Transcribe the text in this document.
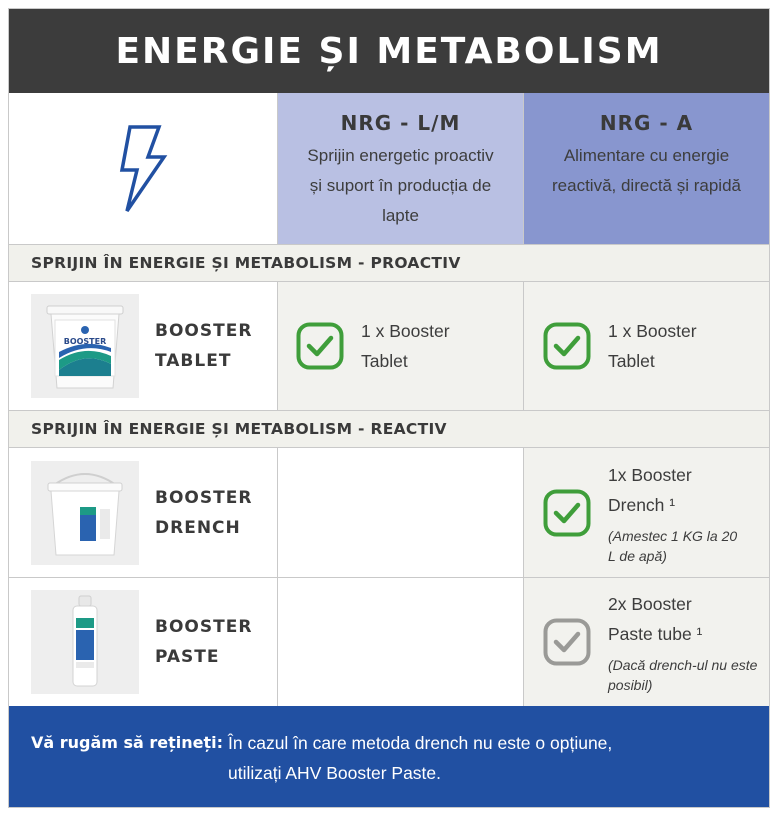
ENERGIE ȘI METABOLISM
NRG - L/M
Sprijin energetic proactiv și suport în producția de lapte
NRG - A
Alimentare cu energie reactivă, directă și rapidă
SPRIJIN ÎN ENERGIE ȘI METABOLISM - PROACTIV
BOOSTER
BOOSTER
TABLET
1 x Booster
Tablet
1 x Booster
Tablet
SPRIJIN ÎN ENERGIE ȘI METABOLISM - REACTIV
BOOSTER
DRENCH
1x Booster
Drench ¹
(Amestec 1 KG la 20 L de apă)
BOOSTER
PASTE
2x Booster
Paste tube ¹
(Dacă drench-ul nu este posibil)
Vă rugăm să rețineți: În cazul în care metoda drench nu este o opțiune,
utilizați AHV Booster Paste.
